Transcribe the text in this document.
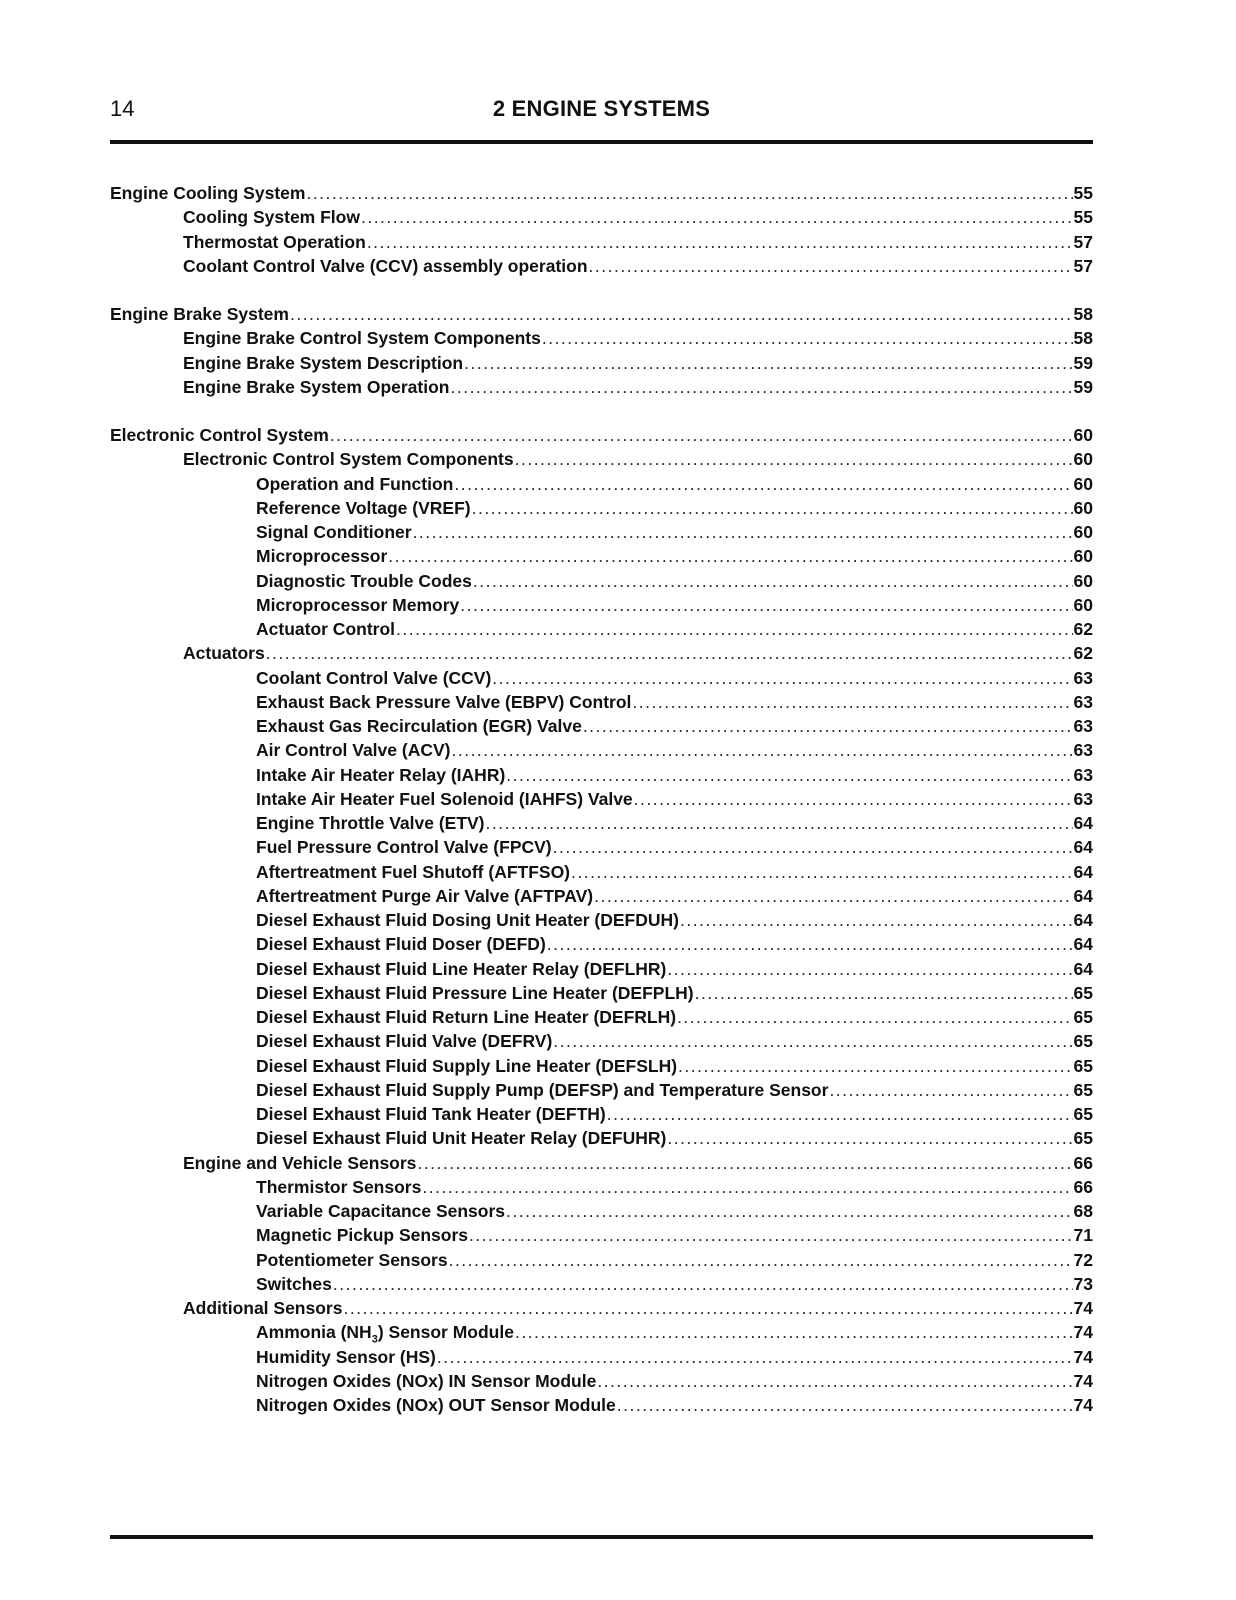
14	2 ENGINE SYSTEMS
Engine Cooling System .....	55
Cooling System Flow .....	55
Thermostat Operation .....	57
Coolant Control Valve (CCV) assembly operation .....	57
Engine Brake System .....	58
Engine Brake Control System Components .....	58
Engine Brake System Description .....	59
Engine Brake System Operation .....	59
Electronic Control System .....	60
Electronic Control System Components .....	60
Operation and Function .....	60
Reference Voltage (VREF) .....	60
Signal Conditioner .....	60
Microprocessor .....	60
Diagnostic Trouble Codes .....	60
Microprocessor Memory .....	60
Actuator Control .....	62
Actuators .....	62
Coolant Control Valve (CCV) .....	63
Exhaust Back Pressure Valve (EBPV) Control .....	63
Exhaust Gas Recirculation (EGR) Valve .....	63
Air Control Valve (ACV) .....	63
Intake Air Heater Relay (IAHR) .....	63
Intake Air Heater Fuel Solenoid (IAHFS) Valve .....	63
Engine Throttle Valve (ETV) .....	64
Fuel Pressure Control Valve (FPCV) .....	64
Aftertreatment Fuel Shutoff (AFTFSO) .....	64
Aftertreatment Purge Air Valve (AFTPAV) .....	64
Diesel Exhaust Fluid Dosing Unit Heater (DEFDUH) .....	64
Diesel Exhaust Fluid Doser (DEFD) .....	64
Diesel Exhaust Fluid Line Heater Relay (DEFLHR) .....	64
Diesel Exhaust Fluid Pressure Line Heater (DEFPLH) .....	65
Diesel Exhaust Fluid Return Line Heater (DEFRLH) .....	65
Diesel Exhaust Fluid Valve (DEFRV) .....	65
Diesel Exhaust Fluid Supply Line Heater (DEFSLH) .....	65
Diesel Exhaust Fluid Supply Pump (DEFSP) and Temperature Sensor .....	65
Diesel Exhaust Fluid Tank Heater (DEFTH) .....	65
Diesel Exhaust Fluid Unit Heater Relay (DEFUHR) .....	65
Engine and Vehicle Sensors .....	66
Thermistor Sensors .....	66
Variable Capacitance Sensors .....	68
Magnetic Pickup Sensors .....	71
Potentiometer Sensors .....	72
Switches .....	73
Additional Sensors .....	74
Ammonia $(NH_3)$ Sensor Module .....	74
Humidity Sensor (HS) .....	74
Nitrogen Oxides (NOx) IN Sensor Module .....	74
Nitrogen Oxides (NOx) OUT Sensor Module .....	74
